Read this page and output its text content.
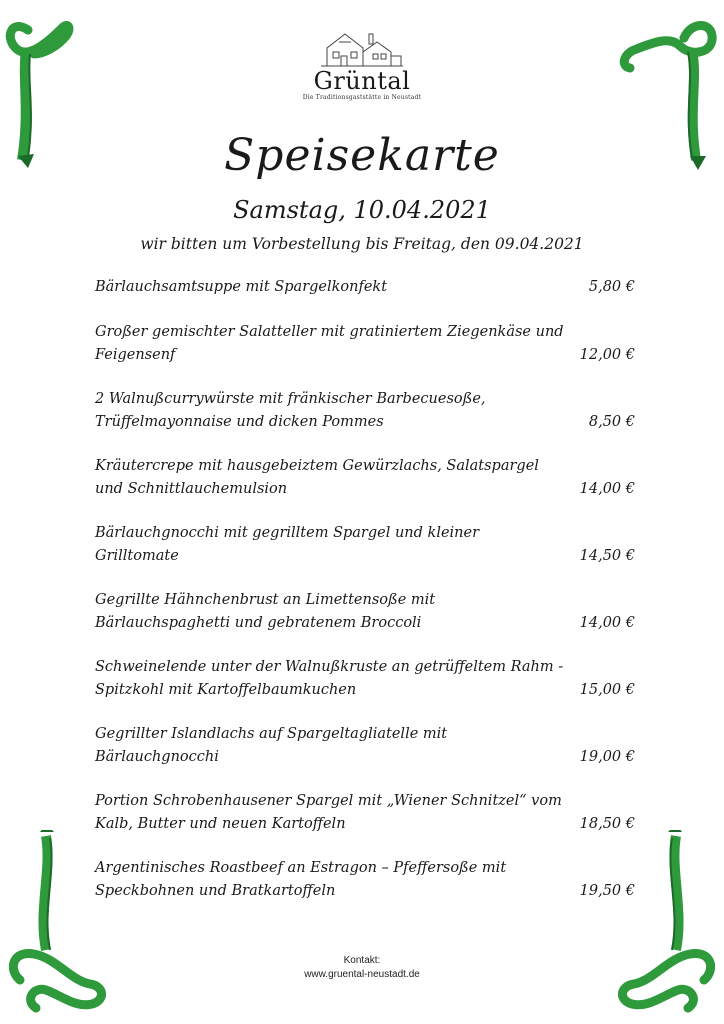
Grüntal
Die Traditionsgaststätte in Neustadt
Speisekarte
Samstag, 10.04.2021
wir bitten um Vorbestellung bis Freitag, den 09.04.2021
Bärlauchsamtsuppe mit Spargelkonfekt	5,80 €
Großer gemischter Salatteller mit gratiniertem Ziegenkäse und Feigensenf	12,00 €
2 Walnußcurrywürste mit fränkischer Barbecuesoße, Trüffelmayonnaise und dicken Pommes	8,50 €
Kräutercrepe mit hausgebeiztem Gewürzlachs, Salatspargel und Schnittlauchemulsion	14,00 €
Bärlauchgnocchi mit gegrilltem Spargel und kleiner Grilltomate	14,50 €
Gegrillte Hähnchenbrust an Limettensoße mit Bärlauchspaghetti und gebratenem Broccoli	14,00 €
Schweinelende unter der Walnußkruste an getrüffeltem Rahm - Spitzkohl mit Kartoffelbaumkuchen	15,00 €
Gegrillter Islandlachs auf Spargeltagliatelle mit Bärlauchgnocchi	19,00 €
Portion Schrobenhausener Spargel mit „Wiener Schnitzel“ vom Kalb, Butter und neuen Kartoffeln	18,50 €
Argentinisches Roastbeef an Estragon – Pfeffersoße mit Speckbohnen und Bratkartoffeln	19,50 €
Kontakt:
www.gruental-neustadt.de
